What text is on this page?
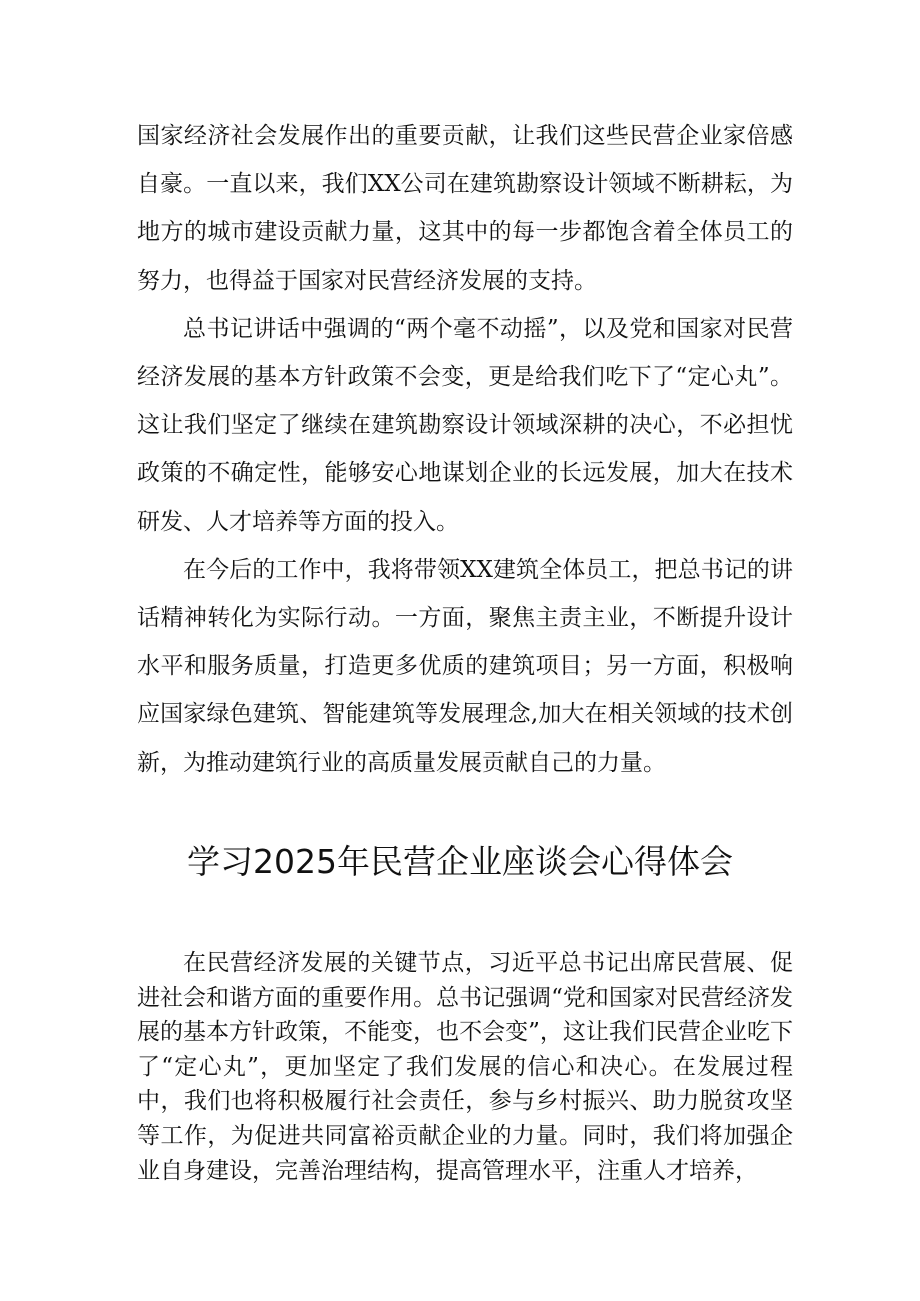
国家经济社会发展作出的重要贡献，让我们这些民营企业家倍感自豪。一直以来，我们XX公司在建筑勘察设计领域不断耕耘，为地方的城市建设贡献力量，这其中的每一步都饱含着全体员工的努力，也得益于国家对民营经济发展的支持。

总书记讲话中强调的“两个毫不动摇”，以及党和国家对民营经济发展的基本方针政策不会变，更是给我们吃下了“定心丸”。这让我们坚定了继续在建筑勘察设计领域深耕的决心，不必担忧政策的不确定性，能够安心地谋划企业的长远发展，加大在技术研发、人才培养等方面的投入。

在今后的工作中，我将带领XX建筑全体员工，把总书记的讲话精神转化为实际行动。一方面，聚焦主责主业，不断提升设计水平和服务质量，打造更多优质的建筑项目；另一方面，积极响应国家绿色建筑、智能建筑等发展理念,加大在相关领域的技术创新，为推动建筑行业的高质量发展贡献自己的力量。

学习2025年民营企业座谈会心得体会

在民营经济发展的关键节点，习近平总书记出席民营展、促进社会和谐方面的重要作用。总书记强调“党和国家对民营经济发展的基本方针政策，不能变，也不会变”，这让我们民营企业吃下了“定心丸”，更加坚定了我们发展的信心和决心。在发展过程中，我们也将积极履行社会责任，参与乡村振兴、助力脱贫攻坚等工作，为促进共同富裕贡献企业的力量。同时，我们将加强企业自身建设，完善治理结构，提高管理水平，注重人才培养，
